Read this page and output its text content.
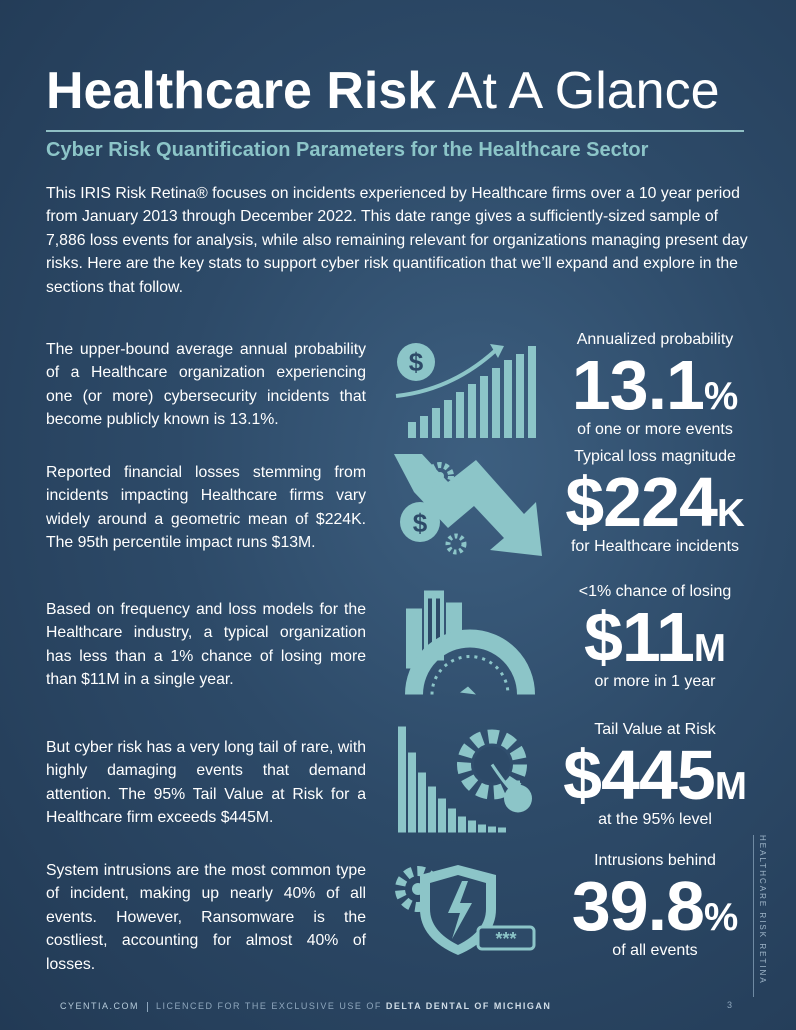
Healthcare Risk At A Glance
Cyber Risk Quantification Parameters for the Healthcare Sector

This IRIS Risk Retina® focuses on incidents experienced by Healthcare firms over a 10 year period from January 2013 through December 2022. This date range gives a sufficiently-sized sample of 7,886 loss events for analysis, while also remaining relevant for organizations managing present day risks. Here are the key stats to support cyber risk quantification that we’ll expand and explore in the sections that follow.

The upper-bound average annual probability of a Healthcare organization experiencing one (or more) cybersecurity incidents that become publicly known is 13.1%.

$
Annualized probability
13.1%
of one or more events

Reported financial losses stemming from incidents impacting Healthcare firms vary widely around a geometric mean of $224K. The 95th percentile impact runs $13M.

$
Typical loss magnitude
$224K
for Healthcare incidents

Based on frequency and loss models for the Healthcare industry, a typical organization has less than a 1% chance of losing more than $11M in a single year.

<1% chance of losing
$11M
or more in 1 year

But cyber risk has a very long tail of rare, with highly damaging events that demand attention. The 95% Tail Value at Risk for a Healthcare firm exceeds $445M.

Tail Value at Risk
$445M
at the 95% level

System intrusions are the most common type of incident, making up nearly 40% of all events. However, Ransomware is the costliest, accounting for almost 40% of losses.

***
Intrusions behind
39.8%
of all events	HEALTHCARE RISK RETINA
CYENTIA.COM LICENCED FOR THE EXCLUSIVE USE OF DELTA DENTAL OF MICHIGAN	3
